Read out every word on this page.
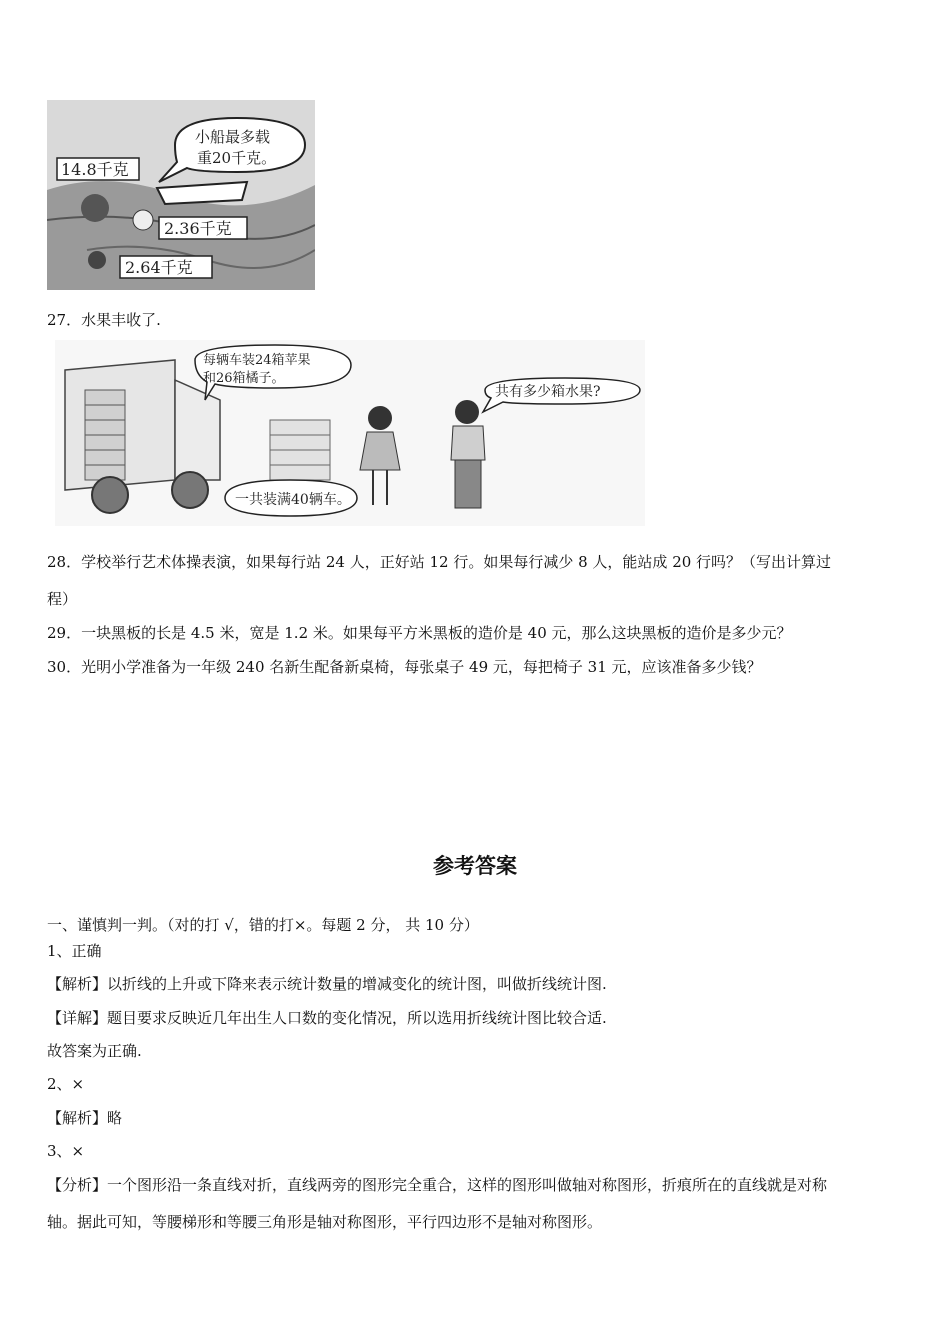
小船最多载
重20千克。
14.8千克
2.36千克
2.64千克
27．水果丰收了.
每辆车装24箱苹果
和26箱橘子。
一共装满40辆车。
共有多少箱水果?
28．学校举行艺术体操表演，如果每行站 24 人，正好站 12 行。如果每行减少 8 人，能站成 20 行吗？（写出计算过
程）
29．一块黑板的长是 4.5 米，宽是 1.2 米。如果每平方米黑板的造价是 40 元，那么这块黑板的造价是多少元？
30．光明小学准备为一年级 240 名新生配备新桌椅，每张桌子 49 元，每把椅子 31 元，应该准备多少钱？
参考答案
一、谨慎判一判。（对的打 √，错的打×。每题 2 分， 共 10 分）
1、正确
【解析】以折线的上升或下降来表示统计数量的增减变化的统计图，叫做折线统计图.
【详解】题目要求反映近几年出生人口数的变化情况，所以选用折线统计图比较合适.
故答案为正确.
2、×
【解析】略
3、×
【分析】一个图形沿一条直线对折，直线两旁的图形完全重合，这样的图形叫做轴对称图形，折痕所在的直线就是对称
轴。据此可知，等腰梯形和等腰三角形是轴对称图形，平行四边形不是轴对称图形。
